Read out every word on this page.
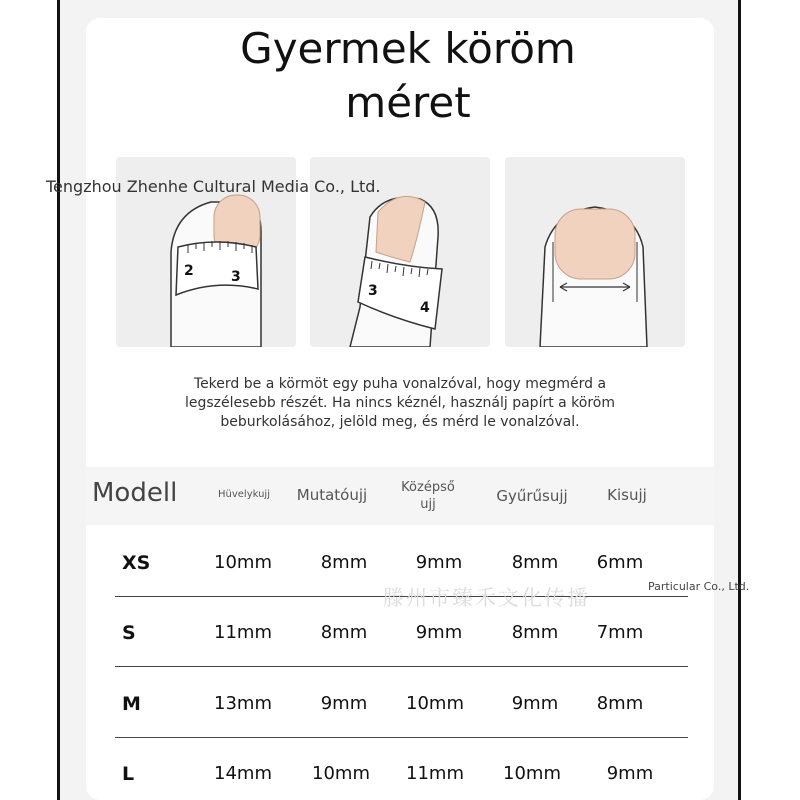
Gyermek köröm
méret
2	3
3
4
Tengzhou Zhenhe Cultural Media Co., Ltd.
Tekerd be a körmöt egy puha vonalzóval, hogy megmérd a
legszélesebb részét. Ha nincs kéznél, használj papírt a köröm
beburkolásához, jelöld meg, és mérd le vonalzóval.
Modell	Hüvelykujj	Mutatóujj	Középső
ujj	Gyűrűsujj	Kisujj
XS	10mm	8mm	9mm	8mm	6mm
滕州市臻禾文化传播	Particular Co., Ltd.
S	11mm	8mm	9mm	8mm	7mm
M	13mm	9mm	10mm	9mm	8mm
L	14mm	10mm	11mm	10mm	9mm
